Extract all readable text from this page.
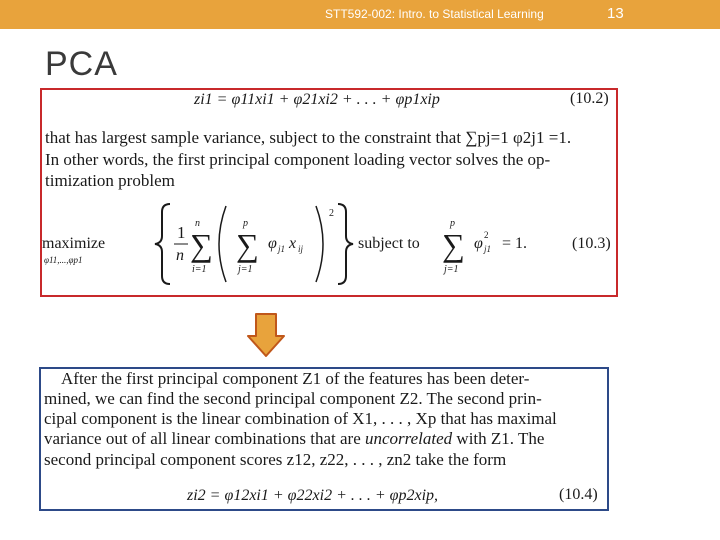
STT592-002: Intro. to Statistical Learning	13
PCA
zi1 = φ11xi1 + φ21xi2 + . . . + φp1xip	(10.2)
that has largest sample variance, subject to the constraint that ∑pj=1 φ2j1 =1.
In other words, the first principal component loading vector solves the op-
timization problem
maximize
φ11,...,φp1
1
n
n
∑
i=1
p
∑
j=1
φ j1 x ij
2
subject to
p
∑
j=1
φ 2
j1 = 1.	(10.3)
After the first principal component Z1 of the features has been deter-
mined, we can find the second principal component Z2. The second prin-
cipal component is the linear combination of X1, . . . , Xp that has maximal
variance out of all linear combinations that are uncorrelated with Z1. The
second principal component scores z12, z22, . . . , zn2 take the form
zi2 = φ12xi1 + φ22xi2 + . . . + φp2xip,	(10.4)
